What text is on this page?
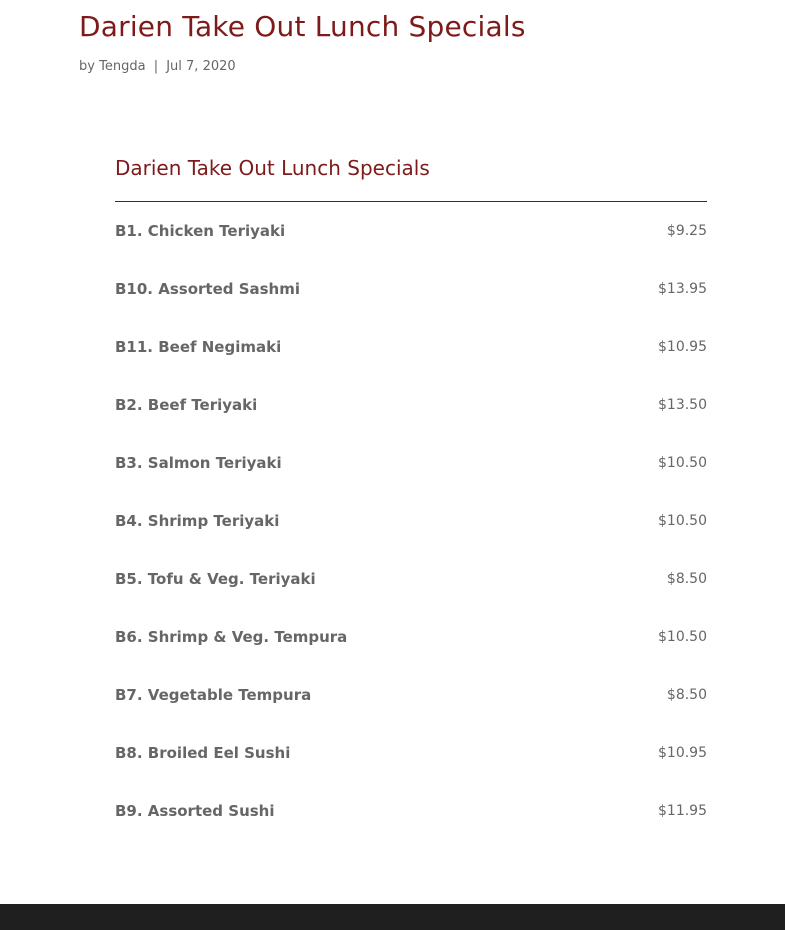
Darien Take Out Lunch Specials
by Tengda | Jul 7, 2020
Darien Take Out Lunch Specials
B1. Chicken Teriyaki	$9.25
B10. Assorted Sashmi	$13.95
B11. Beef Negimaki	$10.95
B2. Beef Teriyaki	$13.50
B3. Salmon Teriyaki	$10.50
B4. Shrimp Teriyaki	$10.50
B5. Tofu & Veg. Teriyaki	$8.50
B6. Shrimp & Veg. Tempura	$10.50
B7. Vegetable Tempura	$8.50
B8. Broiled Eel Sushi	$10.95
B9. Assorted Sushi	$11.95
